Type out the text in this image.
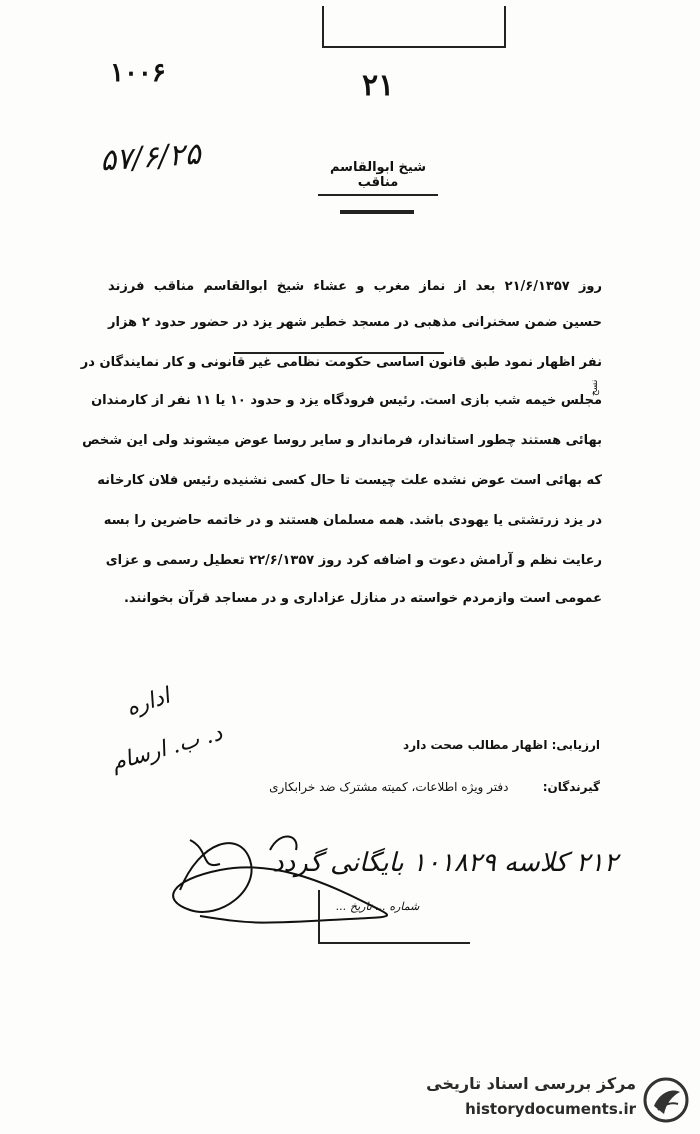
۱۰۰۶	۲۱
۵۷/۶/۲۵	شیخ ابوالقاسم مناقب
روز ۲۱/۶/۱۳۵۷ بعد از نماز مغرب و عشاء شیخ ابوالقاسم مناقب فرزند
حسین ضمن سخنرانی مذهبی در مسجد خطیر شهر یزد در حضور حدود ۲ هزار
نفر اظهار نمود طبق قانون اساسی حکومت نظامی غیر قانونی و کار نمایندگان در
مجلس خیمه شب بازی است. رئیس فرودگاه یزد و حدود ۱۰ یا ۱۱ نفر از کارمندان
بهائی هستند چطور استاندار، فرماندار و سایر روسا عوض میشوند ولی این شخص
که بهائی است عوض نشده علت چیست تا حال کسی نشنیده رئیس فلان کارخانه
در یزد زرتشتی یا یهودی باشد. همه مسلمان هستند و در خاتمه حاضرین را بسه
رعایت نظم و آرامش دعوت و اضافه کرد روز ۲۲/۶/۱۳۵۷ تعطیل رسمی و عزای
عمومی است وازمردم خواسته در منازل عزاداری و در مساجد قرآن بخوانند.
نسخ
اداره
د. ب. ارسام	ارزیابی: اظهار مطالب صحت دارد
گیرندگان: دفتر ویژه اطلاعات، کمیته مشترک ضد خرابکاری
۲۱۲ کلاسه ۱۰۱۸۲۹ بایگانی گردد
شماره ... تاریخ ...
مرکز بررسی اسناد تاریخی
historydocuments.ir
